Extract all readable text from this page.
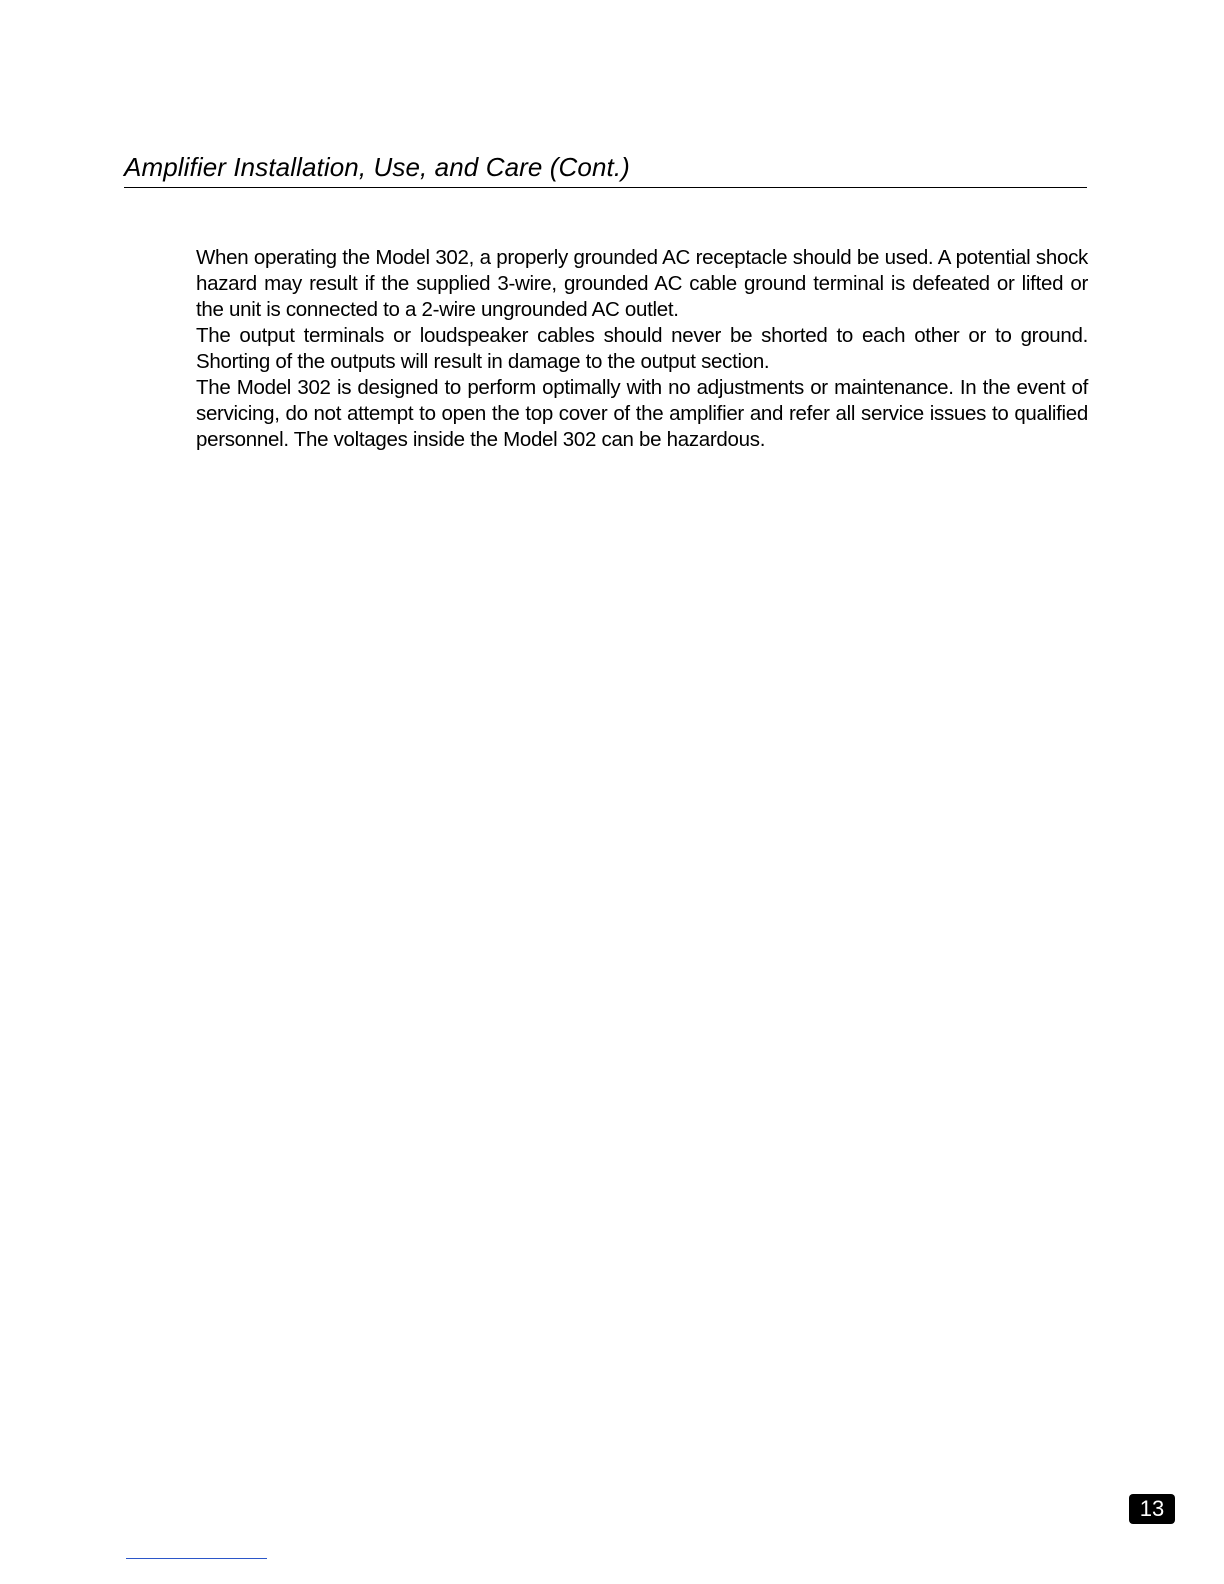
Amplifier Installation, Use, and Care (Cont.)

When operating the Model 302, a properly grounded AC receptacle should be used. A potential shock hazard may result if the supplied 3-wire, grounded AC cable ground terminal is defeated or lifted or the unit is connected to a 2-wire ungrounded AC outlet.

The output terminals or loudspeaker cables should never be shorted to each other or to ground. Shorting of the outputs will result in damage to the output section.

The Model 302 is designed to perform optimally with no adjustments or maintenance. In the event of servicing, do not attempt to open the top cover of the amplifier and refer all service issues to qualified personnel. The voltages inside the Model 302 can be hazardous.

13
